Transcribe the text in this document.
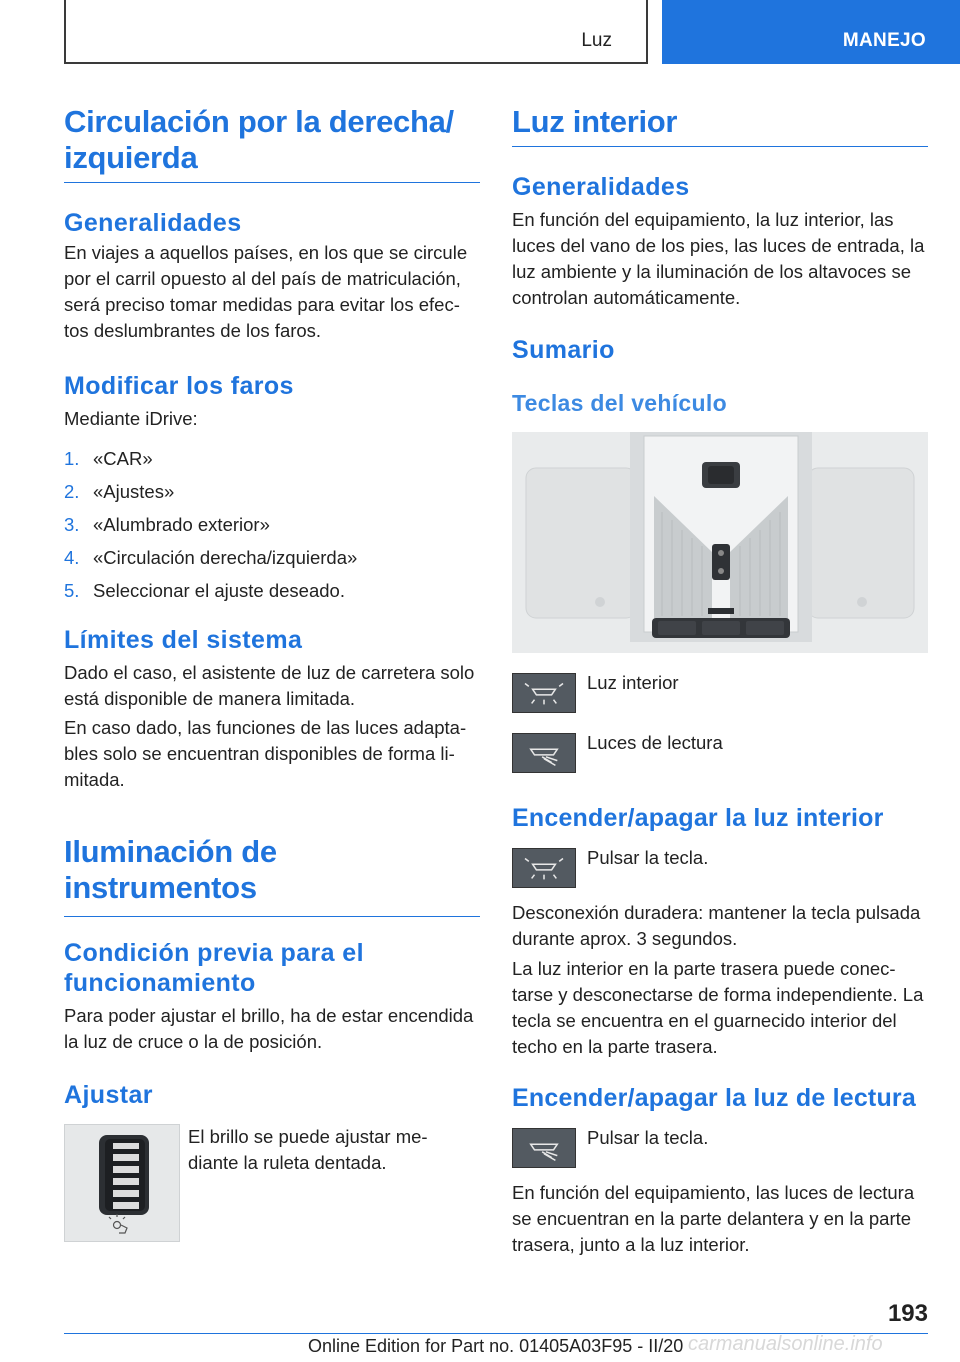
Luz	MANEJO
Circulación por la derecha/
izquierda
Generalidades

En viajes a aquellos países, en los que se circule por el carril opuesto al del país de matriculación, será preciso tomar medidas para evitar los efec‐tos deslumbrantes de los faros.

Modificar los faros

Mediante iDrive:

1. «CAR»
2. «Ajustes»
3. «Alumbrado exterior»
4. «Circulación derecha/izquierda»
5. Seleccionar el ajuste deseado.
Límites del sistema

Dado el caso, el asistente de luz de carretera solo está disponible de manera limitada.

En caso dado, las funciones de las luces adapta‐bles solo se encuentran disponibles de forma li‐mitada.

Iluminación de
instrumentos
Condición previa para el
funcionamiento

Para poder ajustar el brillo, ha de estar encendida la luz de cruce o la de posición.

Ajustar

El brillo se puede ajustar me‐
diante la ruleta dentada.

Luz interior
Generalidades

En función del equipamiento, la luz interior, las luces del vano de los pies, las luces de entrada, la luz ambiente y la iluminación de los altavoces se controlan automáticamente.

Sumario
Teclas del vehículo

Luz interior

Luces de lectura

Encender/apagar la luz interior

Pulsar la tecla.

Desconexión duradera: mantener la tecla pulsada durante aprox. 3 segundos.

La luz interior en la parte trasera puede conec‐tarse y desconectarse de forma independiente. La tecla se encuentra en el guarnecido interior del techo en la parte trasera.

Encender/apagar la luz de lectura

Pulsar la tecla.

En función del equipamiento, las luces de lectura se encuentran en la parte delantera y en la parte trasera, junto a la luz interior.

193
Online Edition for Part no. 01405A03F95 - II/20 carmanualsonline.info
